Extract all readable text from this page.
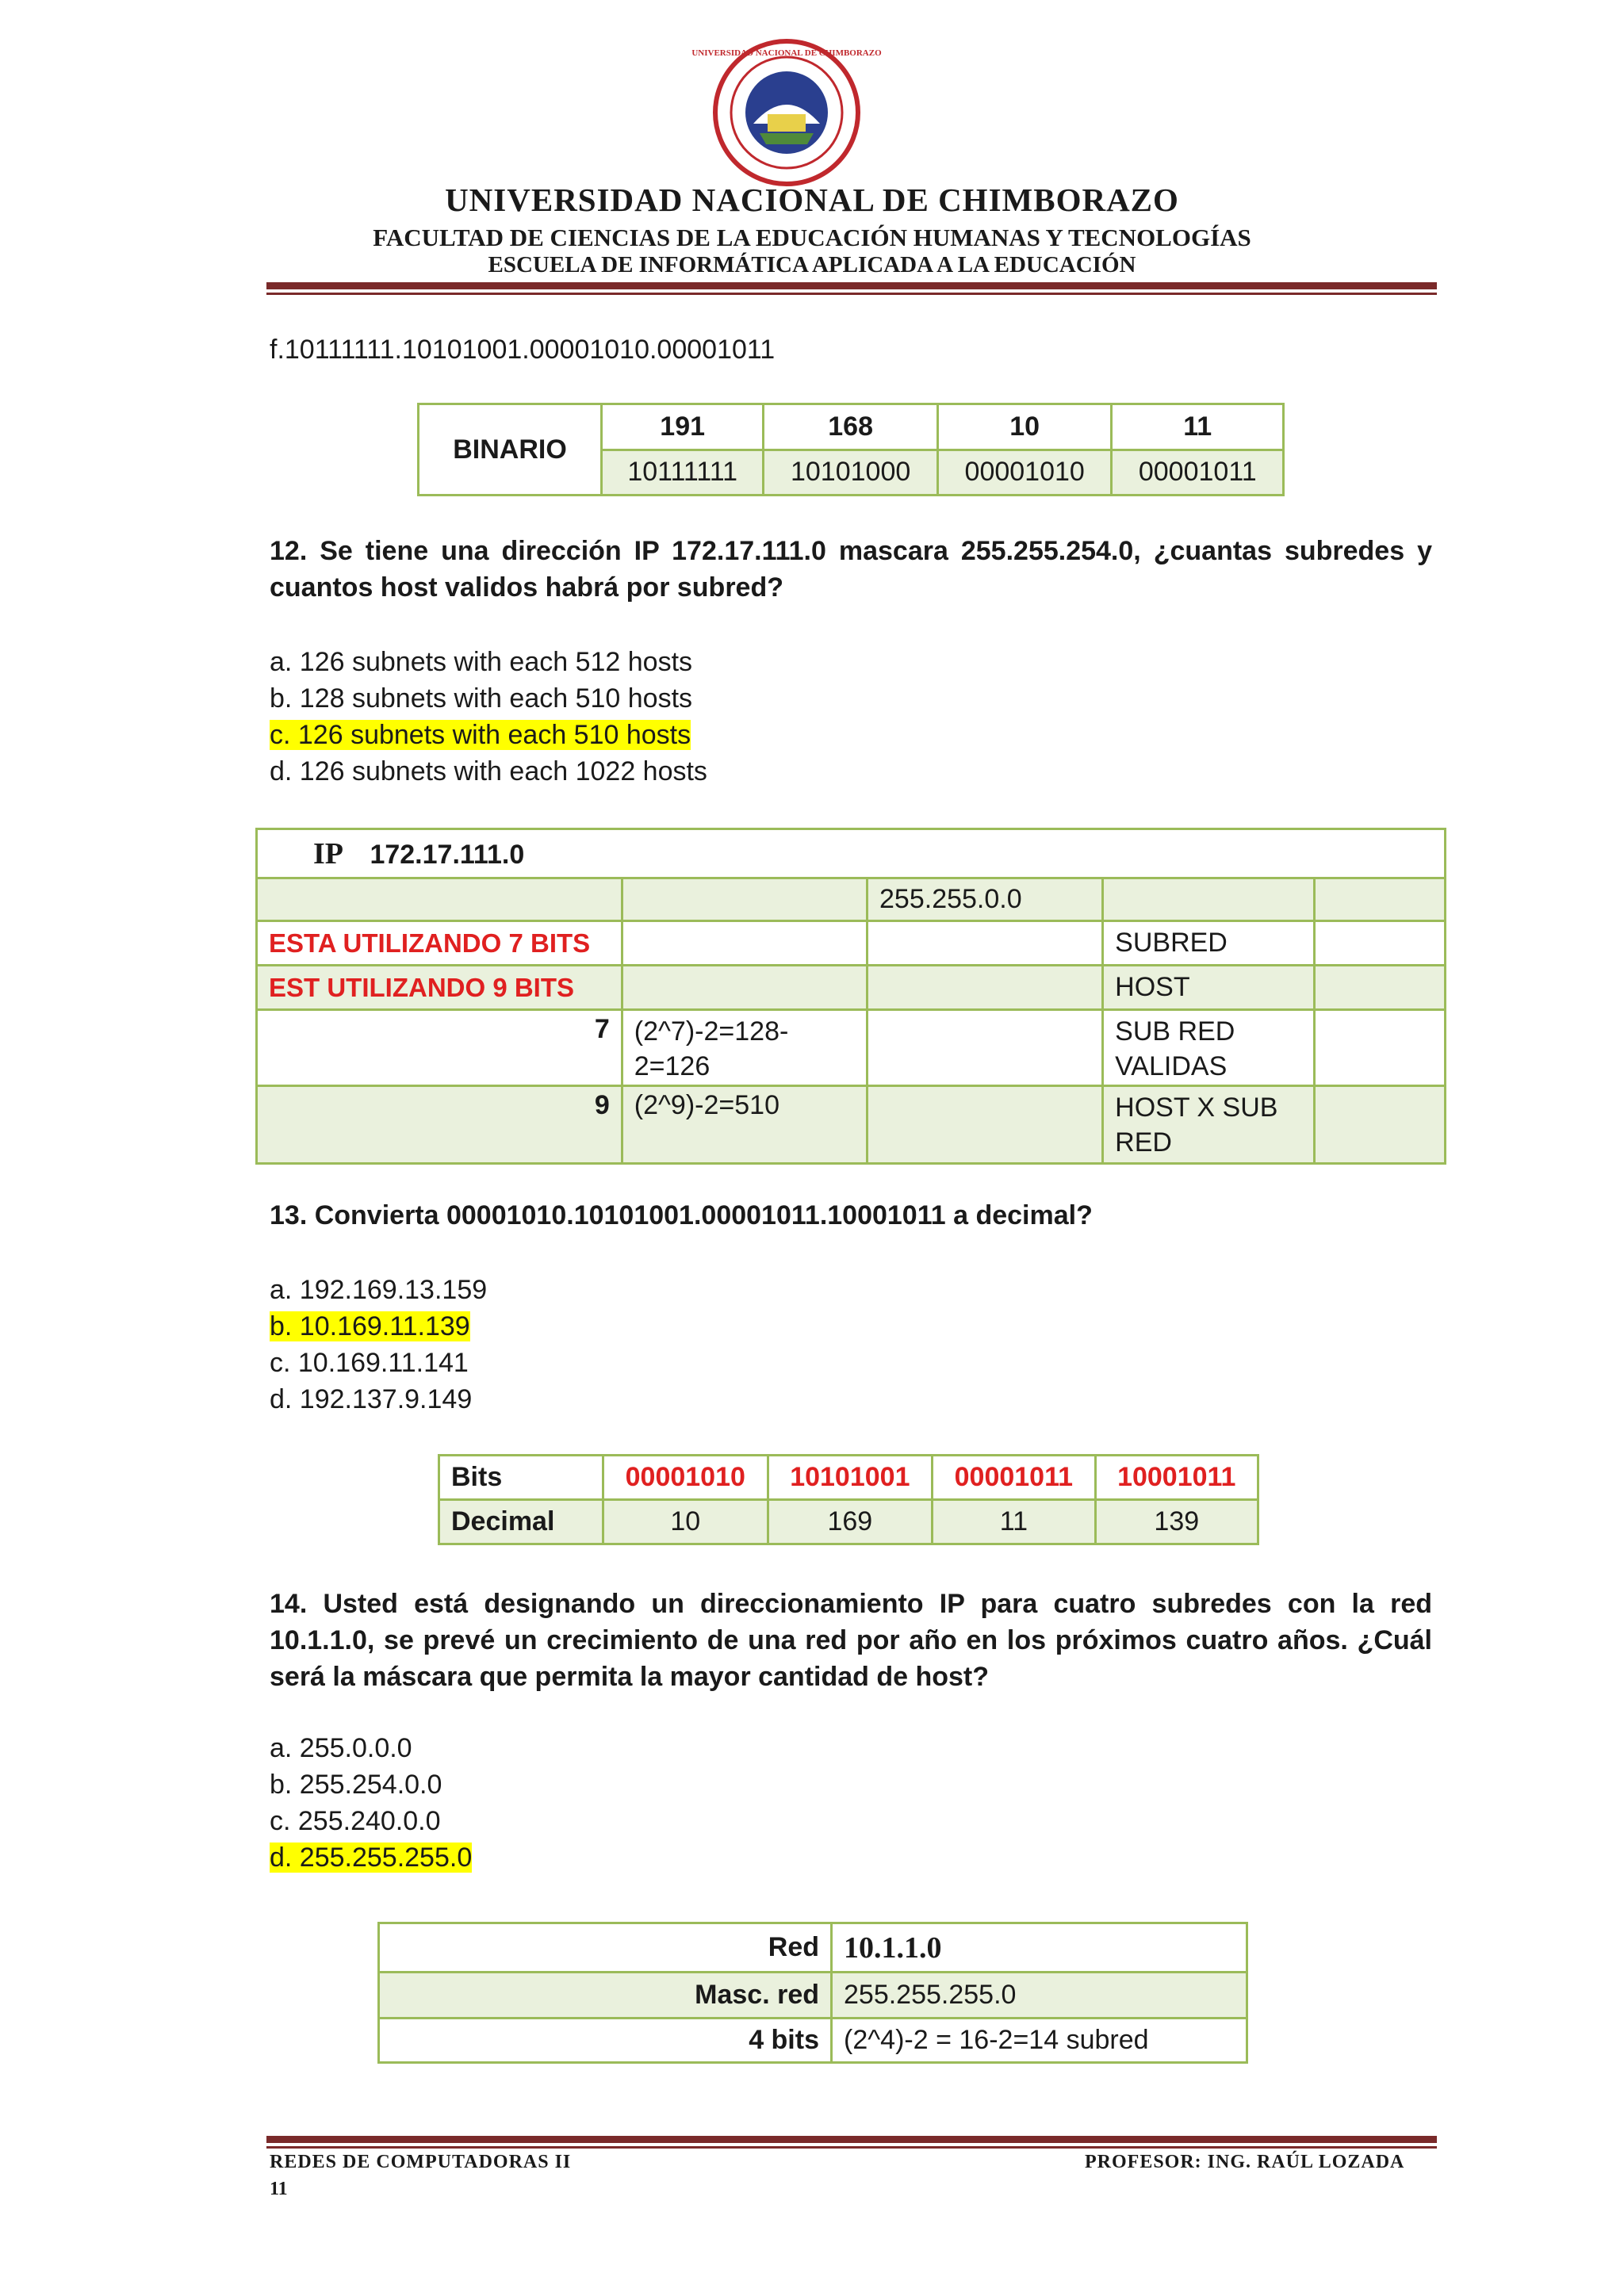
UNIVERSIDAD NACIONAL DE CHIMBORAZO
UNIVERSIDAD NACIONAL DE CHIMBORAZO
FACULTAD DE CIENCIAS DE LA EDUCACIÓN HUMANAS Y TECNOLOGÍAS
ESCUELA DE INFORMÁTICA APLICADA A LA EDUCACIÓN
f.10111111.10101001.00001010.00001011
BINARIO	191	168	10	11
	10111111	10101000	00001010	00001011
12. Se tiene una dirección IP 172.17.111.0 mascara 255.255.254.0, ¿cuantas subredes y cuantos host validos habrá por subred?
a. 126 subnets with each 512 hosts
b. 128 subnets with each 510 hosts
c. 126 subnets with each 510 hosts
d. 126 subnets with each 1022 hosts
IP 172.17.111.0				
		255.255.0.0		
ESTA UTILIZANDO 7 BITS			SUBRED	
EST UTILIZANDO 9 BITS			HOST	
7	(2^7)-2=128-2=126		SUB RED VALIDAS	
9	(2^9)-2=510		HOST X SUB RED	
13. Convierta 00001010.10101001.00001011.10001011 a decimal?
a. 192.169.13.159
b. 10.169.11.139
c. 10.169.11.141
d. 192.137.9.149
Bits	00001010	10101001	00001011	10001011
Decimal	10	169	11	139
14. Usted está designando un direccionamiento IP para cuatro subredes con la red 10.1.1.0, se prevé un crecimiento de una red por año en los próximos cuatro años. ¿Cuál será la máscara que permita la mayor cantidad de host?
a. 255.0.0.0
b. 255.254.0.0
c. 255.240.0.0
d. 255.255.255.0
Red	10.1.1.0
Masc. red	255.255.255.0
4 bits	(2^4)-2 = 16-2=14 subred
REDES DE COMPUTADORAS II	PROFESOR: ING. RAÚL LOZADA
11
